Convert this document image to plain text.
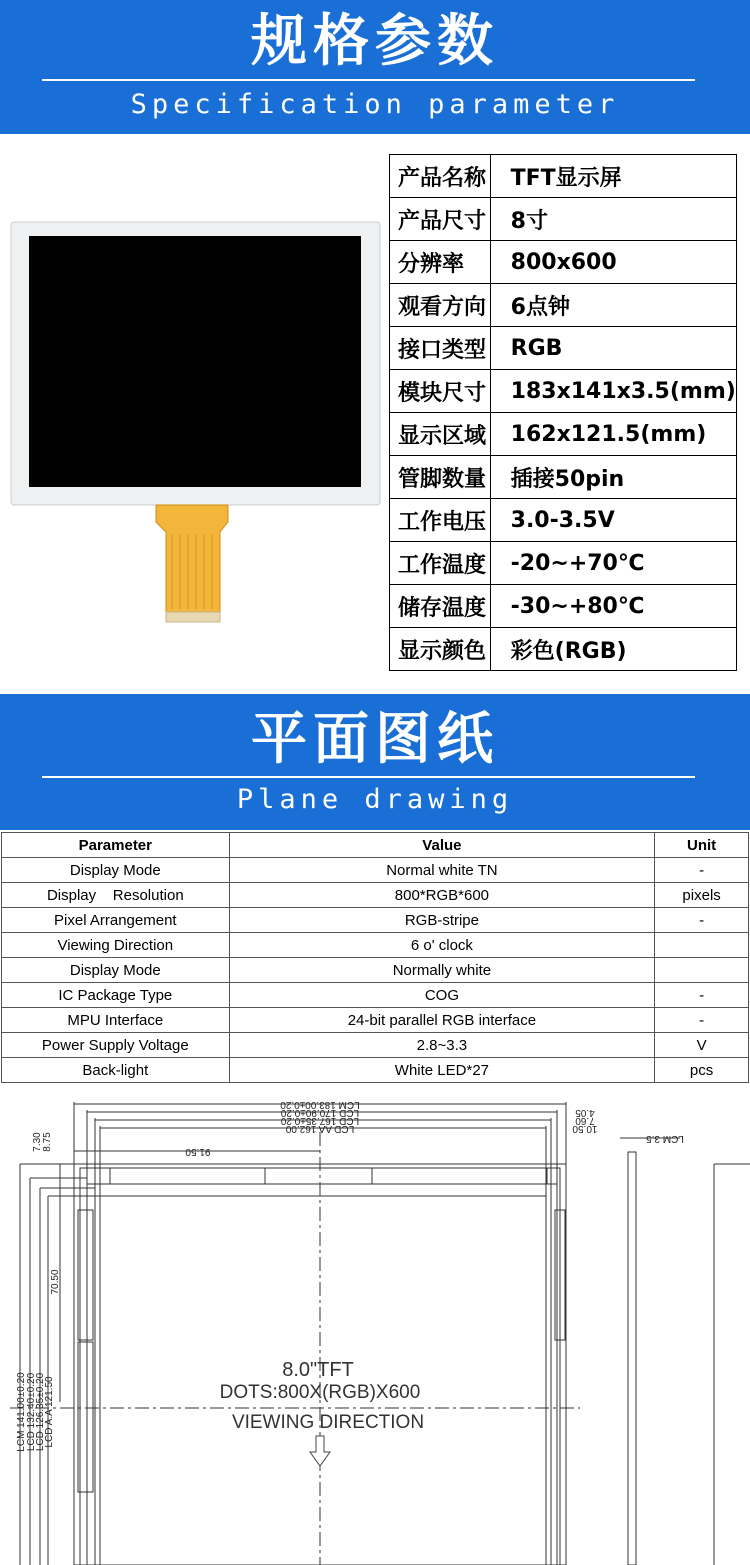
规格参数
Specification parameter
产品名称	TFT显示屏
产品尺寸	8寸
分辨率	800x600
观看方向	6点钟
接口类型	RGB
模块尺寸	183x141x3.5(mm)
显示区域	162x121.5(mm)
管脚数量	插接50pin
工作电压	3.0-3.5V
工作温度	-20~+70℃
储存温度	-30~+80℃
显示颜色	彩色(RGB)
平面图纸
Plane drawing
Parameter	Value	Unit
Display Mode	Normal white TN	-
Display    Resolution	800*RGB*600	pixels
Pixel Arrangement	RGB-stripe	-
Viewing Direction	6 o' clock	
Display Mode	Normally white	
IC Package Type	COG	-
MPU Interface	24-bit parallel RGB interface	-
Power Supply Voltage	2.8~3.3	V
Back-light	White LED*27	pcs
LCM 183.00±0.20
LCD 170.90±0.20
LCD 167.35±0.20
LCD AA 162.00
91.50
4.05
7.60
10.50
LCM 3.5
7.30 8.75
70.50
LCM 141.00±0.20 LCD 132.40±0.20
LCD 126.35±0.20
LCD A.A 121.50
8.0"TFT
DOTS:800X(RGB)X600
VIEWING DIRECTION
